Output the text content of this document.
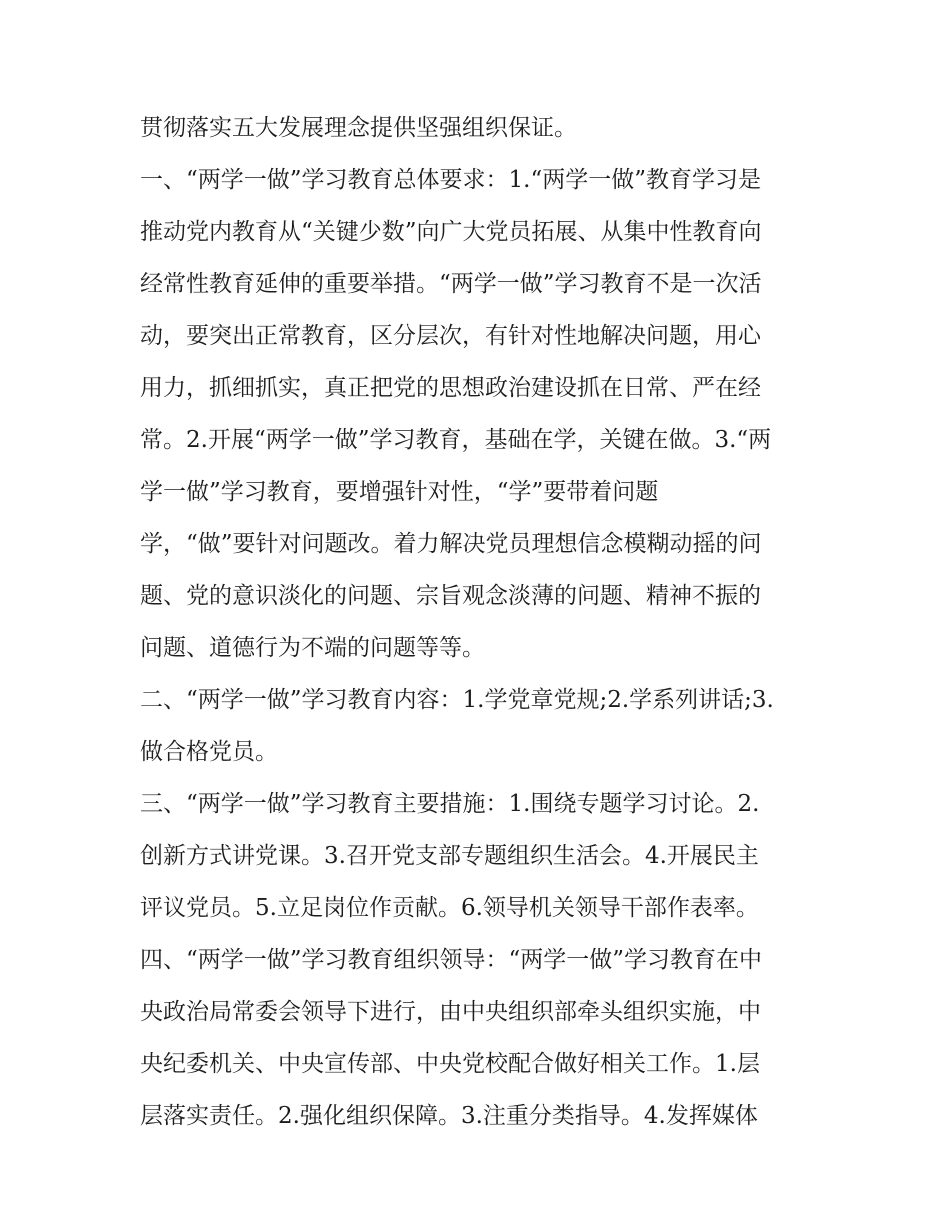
贯彻落实五大发展理念提供坚强组织保证。
一、“两学一做”学习教育总体要求：1.“两学一做”教育学习是
推动党内教育从“关键少数”向广大党员拓展、从集中性教育向
经常性教育延伸的重要举措。“两学一做”学习教育不是一次活
动，要突出正常教育，区分层次，有针对性地解决问题，用心
用力，抓细抓实，真正把党的思想政治建设抓在日常、严在经
常。2.开展“两学一做”学习教育，基础在学，关键在做。3.“两
学一做”学习教育，要增强针对性，“学”要带着问题
学，“做”要针对问题改。着力解决党员理想信念模糊动摇的问
题、党的意识淡化的问题、宗旨观念淡薄的问题、精神不振的
问题、道德行为不端的问题等等。
二、“两学一做”学习教育内容：1.学党章党规;2.学系列讲话;3.
做合格党员。
三、“两学一做”学习教育主要措施：1.围绕专题学习讨论。2.
创新方式讲党课。3.召开党支部专题组织生活会。4.开展民主
评议党员。5.立足岗位作贡献。6.领导机关领导干部作表率。
四、“两学一做”学习教育组织领导：“两学一做”学习教育在中
央政治局常委会领导下进行，由中央组织部牵头组织实施，中
央纪委机关、中央宣传部、中央党校配合做好相关工作。1.层
层落实责任。2.强化组织保障。3.注重分类指导。4.发挥媒体
